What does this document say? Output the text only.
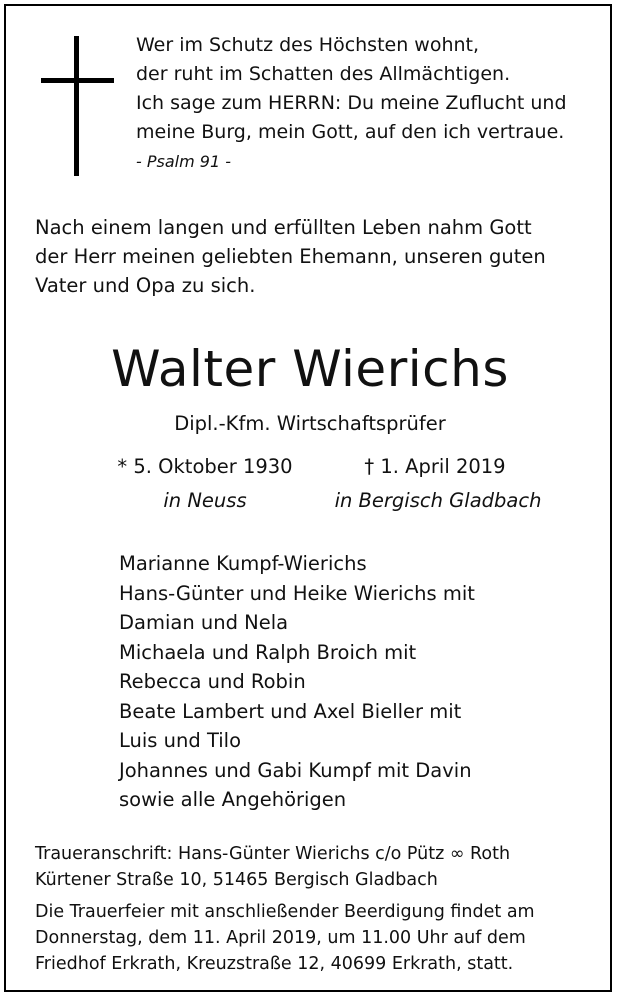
Wer im Schutz des Höchsten wohnt,
der ruht im Schatten des Allmächtigen.
Ich sage zum HERRN: Du meine Zuflucht und
meine Burg, mein Gott, auf den ich vertraue.
- Psalm 91 -
Nach einem langen und erfüllten Leben nahm Gott
der Herr meinen geliebten Ehemann, unseren guten
Vater und Opa zu sich.
Walter Wierichs
Dipl.-Kfm. Wirtschaftsprüfer
* 5. Oktober 1930	† 1. April 2019
in Neuss	in Bergisch Gladbach
Marianne Kumpf-Wierichs
Hans-Günter und Heike Wierichs mit
Damian und Nela
Michaela und Ralph Broich mit
Rebecca und Robin
Beate Lambert und Axel Bieller mit
Luis und Tilo
Johannes und Gabi Kumpf mit Davin
sowie alle Angehörigen
Traueranschrift: Hans-Günter Wierichs c/o Pütz ∞ Roth
Kürtener Straße 10, 51465 Bergisch Gladbach
Die Trauerfeier mit anschließender Beerdigung findet am
Donnerstag, dem 11. April 2019, um 11.00 Uhr auf dem
Friedhof Erkrath, Kreuzstraße 12, 40699 Erkrath, statt.
